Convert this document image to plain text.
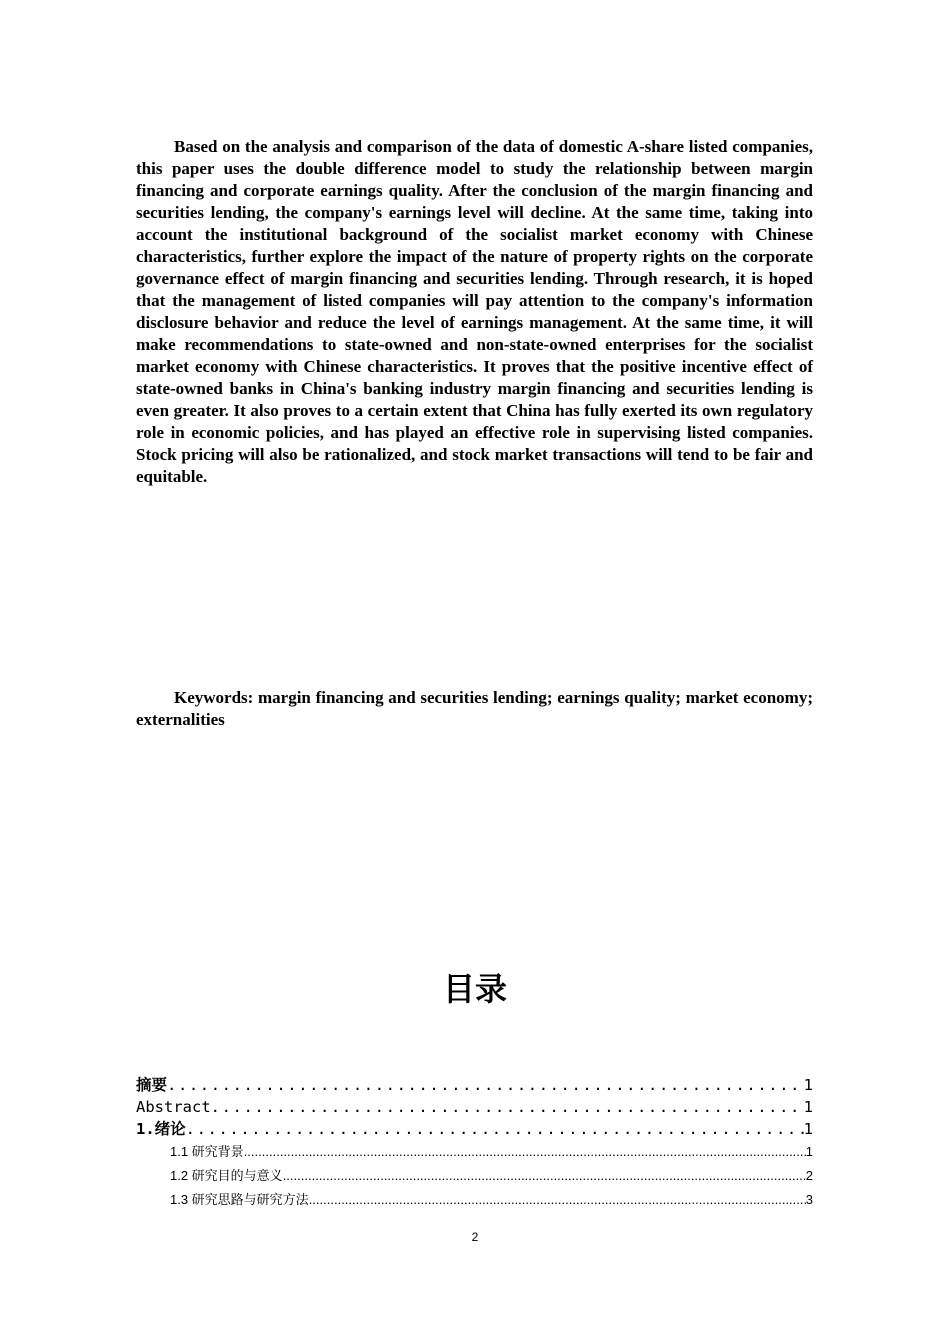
Based on the analysis and comparison of the data of domestic A-share listed companies, this paper uses the double difference model to study the relationship between margin financing and corporate earnings quality. After the conclusion of the margin financing and securities lending, the company's earnings level will decline. At the same time, taking into account the institutional background of the socialist market economy with Chinese characteristics, further explore the impact of the nature of property rights on the corporate governance effect of margin financing and securities lending. Through research, it is hoped that the management of listed companies will pay attention to the company's information disclosure behavior and reduce the level of earnings management. At the same time, it will make recommendations to state-owned and non-state-owned enterprises for the socialist market economy with Chinese characteristics. It proves that the positive incentive effect of state-owned banks in China's banking industry margin financing and securities lending is even greater. It also proves to a certain extent that China has fully exerted its own regulatory role in economic policies, and has played an effective role in supervising listed companies. Stock pricing will also be rationalized, and stock market transactions will tend to be fair and equitable.

Keywords: margin financing and securities lending; earnings quality; market economy; externalities

目录
摘要 .....	1
Abstract .....	1
1.绪论 .....	1
1.1 研究背景 .....	1
1.2 研究目的与意义 .....	2
1.3 研究思路与研究方法 .....	3
2
